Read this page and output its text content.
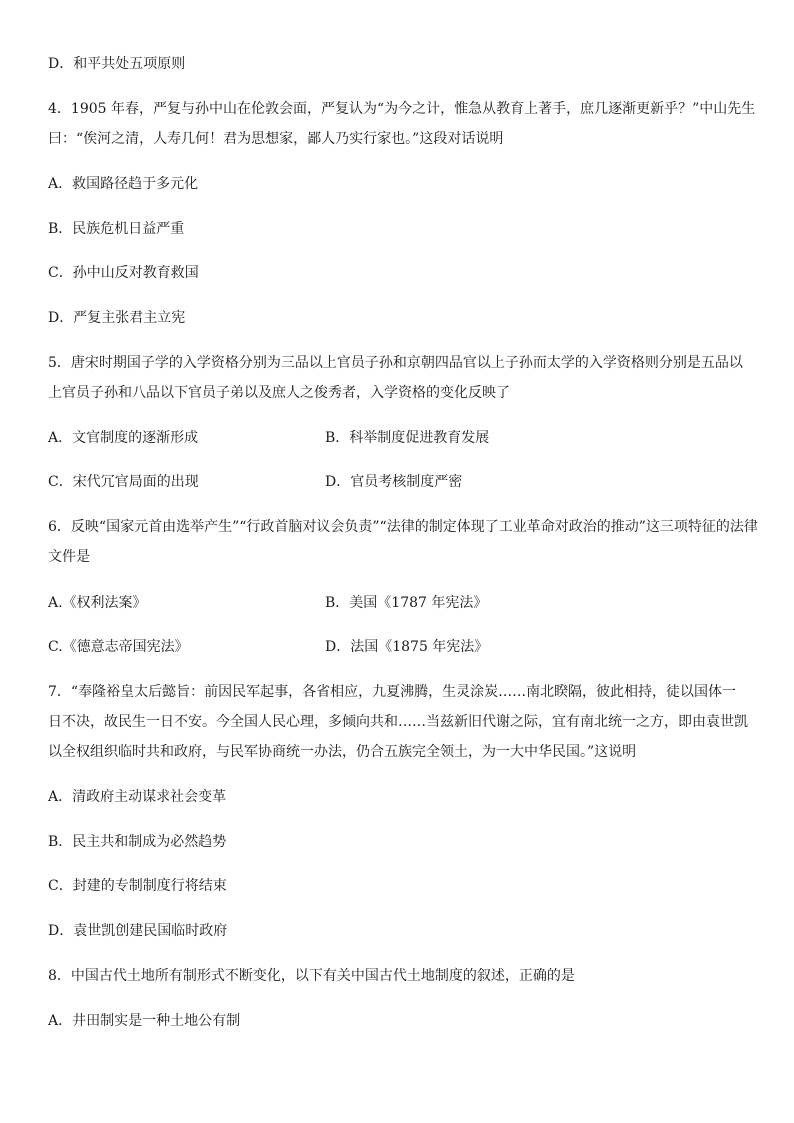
D．和平共处五项原则
4．1905 年春，严复与孙中山在伦敦会面，严复认为“为今之计，惟急从教育上著手，庶几逐渐更新乎？”中山先生
曰：“俟河之清，人寿几何！君为思想家，鄙人乃实行家也。”这段对话说明
A．救国路径趋于多元化
B．民族危机日益严重
C．孙中山反对教育救国
D．严复主张君主立宪
5．唐宋时期国子学的入学资格分别为三品以上官员子孙和京朝四品官以上子孙而太学的入学资格则分别是五品以
上官员子孙和八品以下官员子弟以及庶人之俊秀者，入学资格的变化反映了
A．文官制度的逐渐形成	B．科举制度促进教育发展
C．宋代冗官局面的出现	D．官员考核制度严密
6．反映“国家元首由选举产生”“行政首脑对议会负责”“法律的制定体现了工业革命对政治的推动”这三项特征的法律
文件是
A.《权利法案》	B．美国《1787 年宪法》
C.《德意志帝国宪法》	D．法国《1875 年宪法》
7．“奉隆裕皇太后懿旨：前因民军起事，各省相应，九夏沸腾，生灵涂炭……南北睽隔，彼此相持，徒以国体一
日不决，故民生一日不安。今全国人民心理，多倾向共和……当兹新旧代谢之际，宜有南北统一之方，即由袁世凯
以全权组织临时共和政府，与民军协商统一办法，仍合五族完全领土，为一大中华民国。”这说明
A．清政府主动谋求社会变革
B．民主共和制成为必然趋势
C．封建的专制制度行将结束
D．袁世凯创建民国临时政府
8．中国古代土地所有制形式不断变化，以下有关中国古代土地制度的叙述，正确的是
A．井田制实是一种土地公有制
